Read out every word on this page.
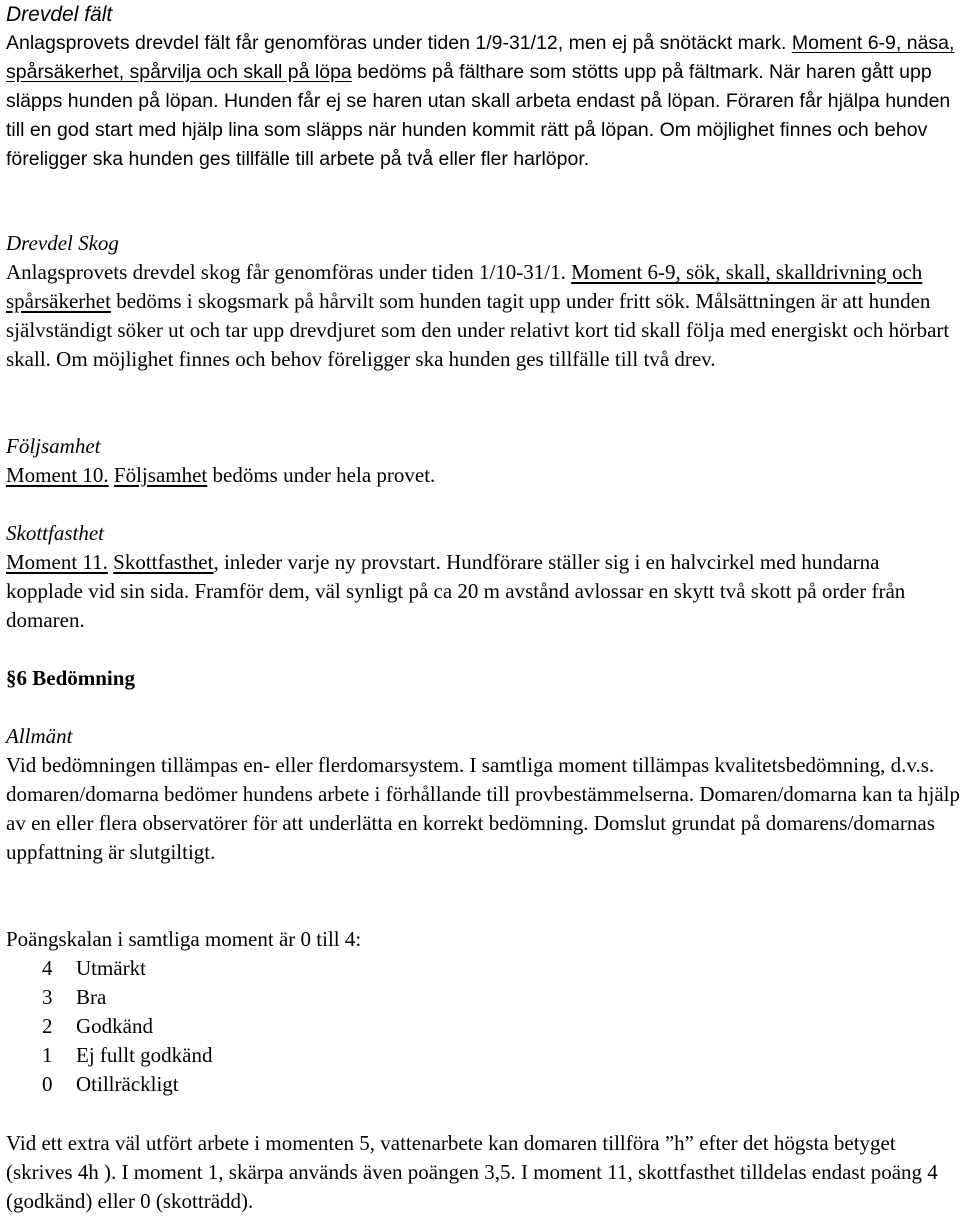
Drevdel fält
Anlagsprovets drevdel fält får genomföras under tiden 1/9-31/12, men ej på snötäckt mark. Moment 6-9, näsa, spårsäkerhet, spårvilja och skall på löpa bedöms på fälthare som stötts upp på fältmark. När haren gått upp släpps hunden på löpan. Hunden får ej se haren utan skall arbeta endast på löpan. Föraren får hjälpa hunden till en god start med hjälp lina som släpps när hunden kommit rätt på löpan. Om möjlighet finnes och behov föreligger ska hunden ges tillfälle till arbete på två eller fler harlöpor.
Drevdel Skog
Anlagsprovets drevdel skog får genomföras under tiden 1/10-31/1. Moment 6-9, sök, skall, skalldrivning och spårsäkerhet bedöms i skogsmark på hårvilt som hunden tagit upp under fritt sök. Målsättningen är att hunden självständigt söker ut och tar upp drevdjuret som den under relativt kort tid skall följa med energiskt och hörbart skall. Om möjlighet finnes och behov föreligger ska hunden ges tillfälle till två drev.
Följsamhet
Moment 10. Följsamhet bedöms under hela provet.
Skottfasthet
Moment 11. Skottfasthet, inleder varje ny provstart. Hundförare ställer sig i en halvcirkel med hundarna kopplade vid sin sida. Framför dem, väl synligt på ca 20 m avstånd avlossar en skytt två skott på order från domaren.
§6 Bedömning
Allmänt
Vid bedömningen tillämpas en- eller flerdomarsystem. I samtliga moment tillämpas kvalitetsbedömning, d.v.s. domaren/domarna bedömer hundens arbete i förhållande till provbestämmelserna. Domaren/domarna kan ta hjälp av en eller flera observatörer för att underlätta en korrekt bedömning. Domslut grundat på domarens/domarnas uppfattning är slutgiltigt.
Poängskalan i samtliga moment är 0 till 4:
4 Utmärkt
3 Bra
2 Godkänd
1 Ej fullt godkänd
0 Otillräckligt
Vid ett extra väl utfört arbete i momenten 5, vattenarbete kan domaren tillföra ”h” efter det högsta betyget (skrives 4h ). I moment 1, skärpa används även poängen 3,5. I moment 11, skottfasthet tilldelas endast poäng 4 (godkänd) eller 0 (skotträdd).
